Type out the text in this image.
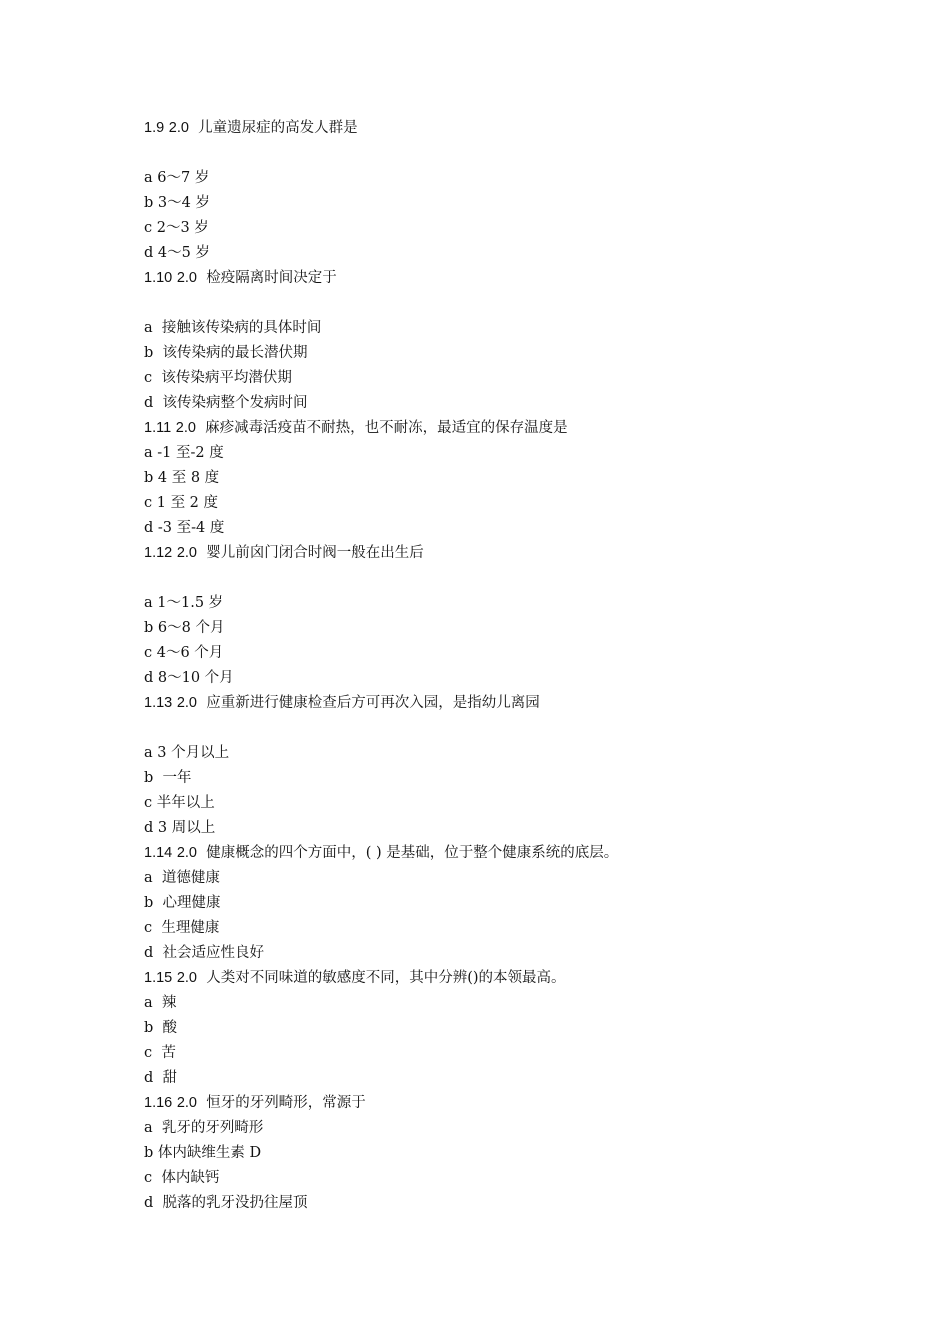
1.9 2.0 儿童遗尿症的高发人群是
a 6～7 岁
b 3～4 岁
c 2～3 岁
d 4～5 岁
1.10 2.0 检疫隔离时间决定于
a  接触该传染病的具体时间
b  该传染病的最长潜伏期
c  该传染病平均潜伏期
d  该传染病整个发病时间
1.11 2.0 麻疹减毒活疫苗不耐热，也不耐冻，最适宜的保存温度是
a -1 至-2 度
b 4 至 8 度
c 1 至 2 度
d -3 至-4 度
1.12 2.0 婴儿前囟门闭合时阀一般在出生后
a 1～1.5 岁
b 6～8 个月
c 4～6 个月
d 8～10 个月
1.13 2.0 应重新进行健康检查后方可再次入园，是指幼儿离园
a 3 个月以上
b  一年
c 半年以上
d 3 周以上
1.14 2.0 健康概念的四个方面中，( ) 是基础，位于整个健康系统的底层。
a  道德健康
b  心理健康
c  生理健康
d  社会适应性良好
1.15 2.0 人类对不同味道的敏感度不同，其中分辨()的本领最高。
a  辣
b  酸
c  苦
d  甜
1.16 2.0 恒牙的牙列畸形，常源于
a  乳牙的牙列畸形
b 体内缺维生素 D
c  体内缺钙
d  脱落的乳牙没扔往屋顶
